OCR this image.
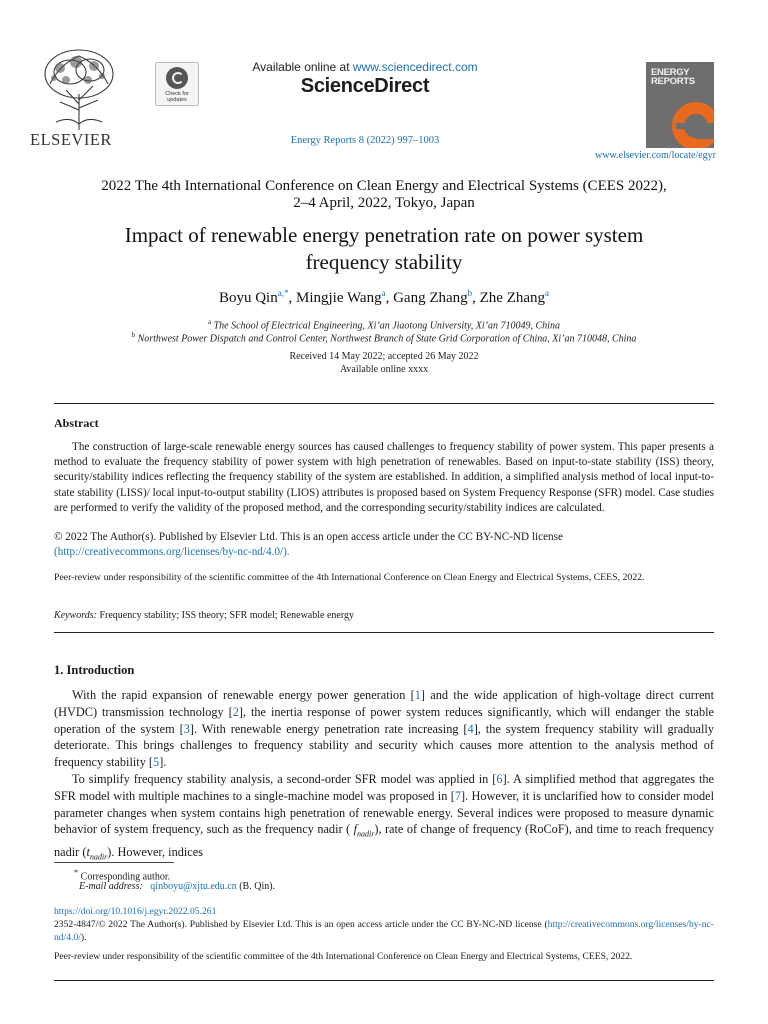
ELSEVIER
Check for updates
Available online at www.sciencedirect.com
ScienceDirect
Energy Reports 8 (2022) 997–1003
ENERGY
REPORTS
www.elsevier.com/locate/egyr
2022 The 4th International Conference on Clean Energy and Electrical Systems (CEES 2022),
2–4 April, 2022, Tokyo, Japan
Impact of renewable energy penetration rate on power system
frequency stability
Boyu Qin$^{a,*}$, Mingjie Wang$^a$, Gang Zhang$^b$, Zhe Zhang$^a$
$^a$ The School of Electrical Engineering, Xi’an Jiaotong University, Xi’an 710049, China
$^b$ Northwest Power Dispatch and Control Center, Northwest Branch of State Grid Corporation of China, Xi’an 710048, China
Received 14 May 2022; accepted 26 May 2022
Available online xxxx
Abstract
The construction of large-scale renewable energy sources has caused challenges to frequency stability of power system. This paper presents a method to evaluate the frequency stability of power system with high penetration of renewables. Based on input-to-state stability (ISS) theory, security/stability indices reflecting the frequency stability of the system are established. In addition, a simplified analysis method of local input-to-state stability (LISS)/ local input-to-output stability (LIOS) attributes is proposed based on System Frequency Response (SFR) model. Case studies are performed to verify the validity of the proposed method, and the corresponding security/stability indices are calculated.
© 2022 The Author(s). Published by Elsevier Ltd. This is an open access article under the CC BY-NC-ND license
(http://creativecommons.org/licenses/by-nc-nd/4.0/).
Peer-review under responsibility of the scientific committee of the 4th International Conference on Clean Energy and Electrical Systems, CEES, 2022.
Keywords: Frequency stability; ISS theory; SFR model; Renewable energy
1. Introduction
With the rapid expansion of renewable energy power generation [1] and the wide application of high-voltage direct current (HVDC) transmission technology [2], the inertia response of power system reduces significantly, which will endanger the stable operation of the system [3]. With renewable energy penetration rate increasing [4], the system frequency stability will gradually deteriorate. This brings challenges to frequency stability and security which causes more attention to the analysis method of frequency stability [5].
To simplify frequency stability analysis, a second-order SFR model was applied in [6]. A simplified method that aggregates the SFR model with multiple machines to a single-machine model was proposed in [7]. However, it is unclarified how to consider model parameter changes when system contains high penetration of renewable energy. Several indices were proposed to measure dynamic behavior of system frequency, such as the frequency nadir ( $f_{nadir}$), rate of change of frequency (RoCoF), and time to reach frequency nadir $(t_{nadir})$. However, indices
* Corresponding author.
E-mail address: qinboyu@xjtu.edu.cn (B. Qin).
https://doi.org/10.1016/j.egyr.2022.05.261
2352-4847/© 2022 The Author(s). Published by Elsevier Ltd. This is an open access article under the CC BY-NC-ND license (http://creativecommons.org/licenses/by-nc-nd/4.0/).
Peer-review under responsibility of the scientific committee of the 4th International Conference on Clean Energy and Electrical Systems, CEES, 2022.
